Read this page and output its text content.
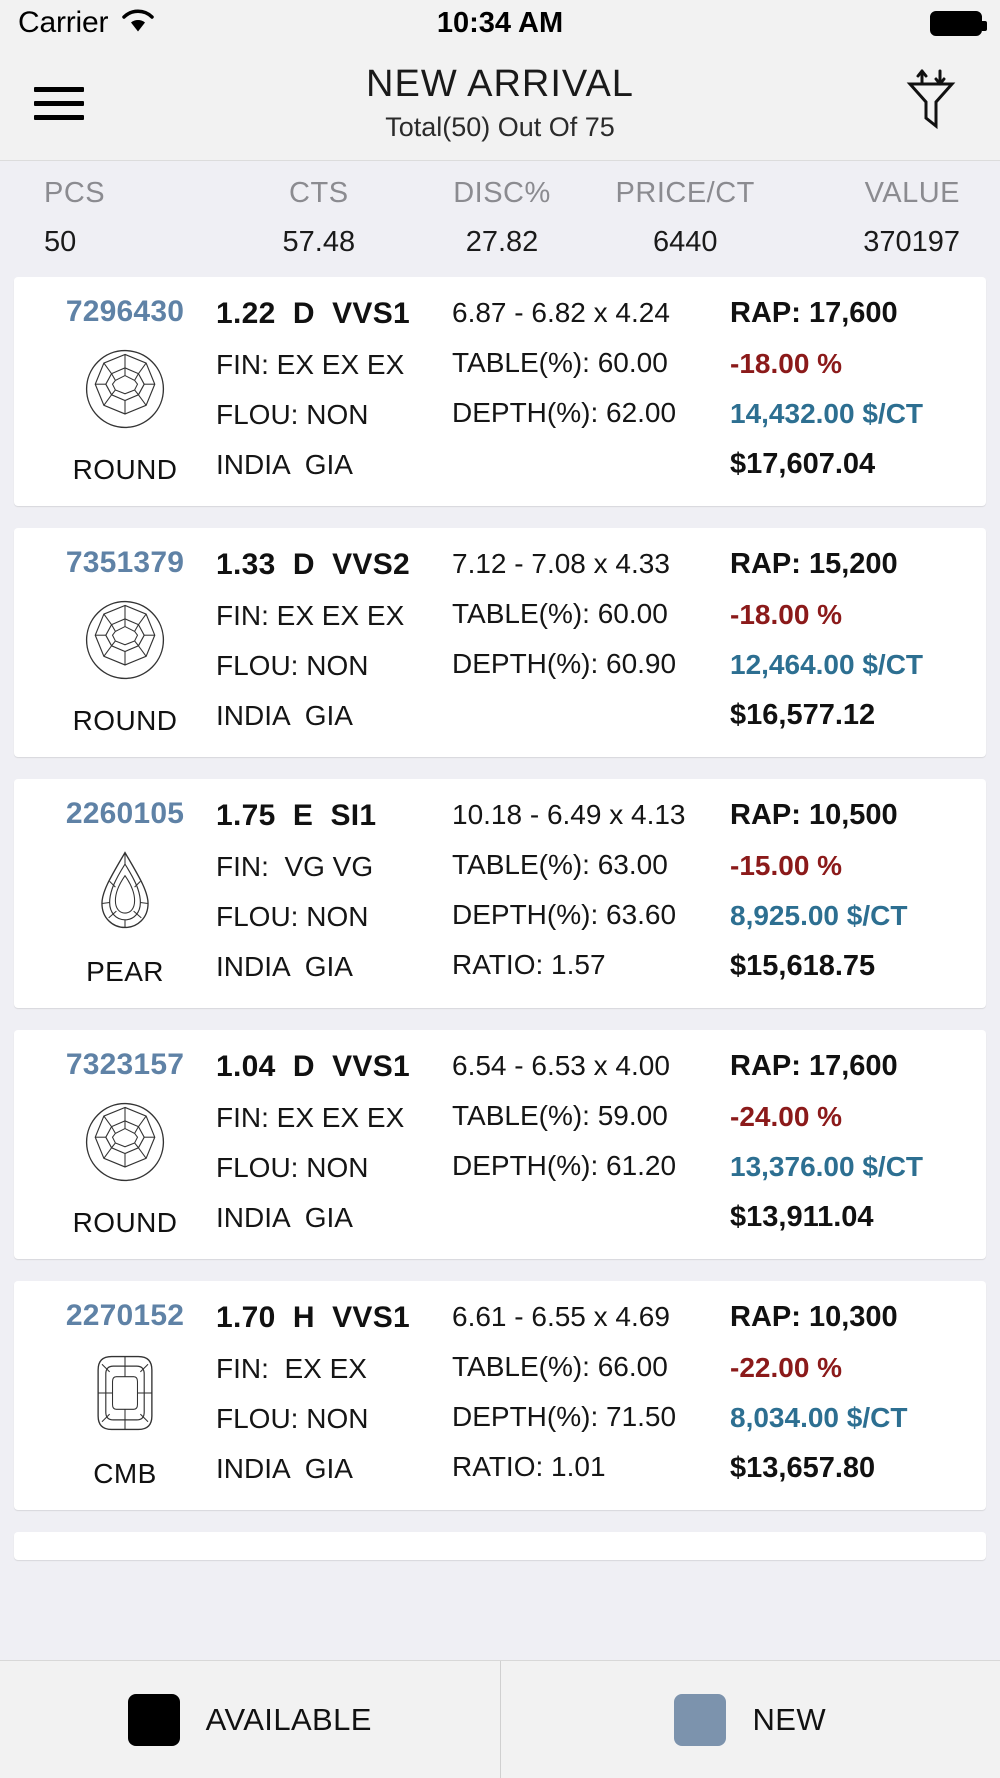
Carrier	10:34 AM
NEW ARRIVAL
Total(50) Out Of 75
PCS	CTS	DISC%	PRICE/CT	VALUE
50	57.48	27.82	6440	370197
7296430
ROUND
1.22  D  VVS1
FIN: EX EX EX
FLOU: NON
INDIA  GIA
6.87 - 6.82 x 4.24
TABLE(%): 60.00
DEPTH(%): 62.00
RAP: 17,600
-18.00 %
14,432.00 $/CT
$17,607.04
7351379
ROUND
1.33  D  VVS2
FIN: EX EX EX
FLOU: NON
INDIA  GIA
7.12 - 7.08 x 4.33
TABLE(%): 60.00
DEPTH(%): 60.90
RAP: 15,200
-18.00 %
12,464.00 $/CT
$16,577.12
2260105
PEAR
1.75  E  SI1
FIN:  VG VG
FLOU: NON
INDIA  GIA
10.18 - 6.49 x 4.13
TABLE(%): 63.00
DEPTH(%): 63.60
RATIO: 1.57
RAP: 10,500
-15.00 %
8,925.00 $/CT
$15,618.75
7323157
ROUND
1.04  D  VVS1
FIN: EX EX EX
FLOU: NON
INDIA  GIA
6.54 - 6.53 x 4.00
TABLE(%): 59.00
DEPTH(%): 61.20
RAP: 17,600
-24.00 %
13,376.00 $/CT
$13,911.04
2270152
CMB
1.70  H  VVS1
FIN:  EX EX
FLOU: NON
INDIA  GIA
6.61 - 6.55 x 4.69
TABLE(%): 66.00
DEPTH(%): 71.50
RATIO: 1.01
RAP: 10,300
-22.00 %
8,034.00 $/CT
$13,657.80
AVAILABLE	NEW
